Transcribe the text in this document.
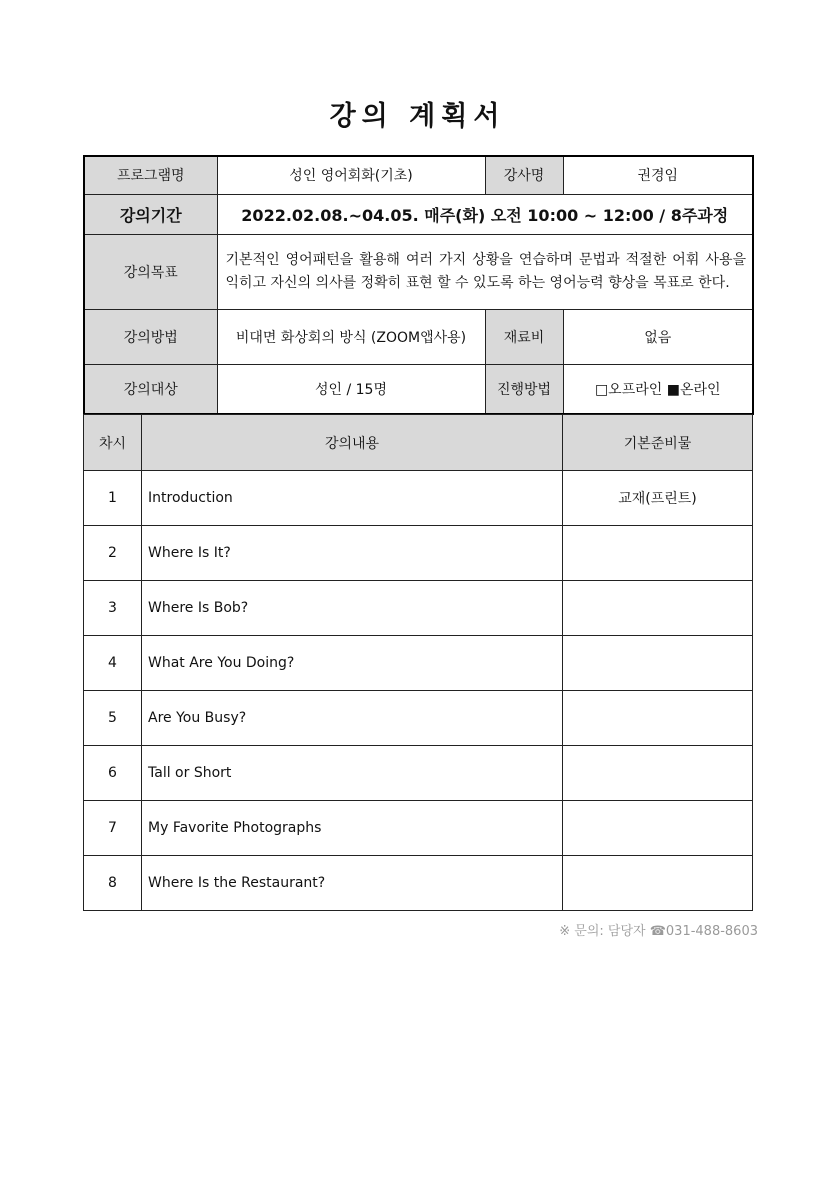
강의 계획서
프로그램명	성인 영어회화(기초)	강사명	권경임
강의기간	2022.02.08.~04.05. 매주(화) 오전 10:00 ~ 12:00 / 8주과정		
강의목표	기본적인 영어패턴을 활용해 여러 가지 상황을 연습하며 문법과 적절한 어휘 사용을 익히고 자신의 의사를 정확히 표현 할 수 있도록 하는 영어능력 향상을 목표로 한다.		
강의방법	비대면 화상회의 방식 (ZOOM앱사용)	재료비	없음
강의대상	성인 / 15명	진행방법	□오프라인 ■온라인
차시	강의내용	기본준비물
1	Introduction	교재(프린트)
2	Where Is It?	
3	Where Is Bob?	
4	What Are You Doing?	
5	Are You Busy?	
6	Tall or Short	
7	My Favorite Photographs	
8	Where Is the Restaurant?	
※ 문의: 담당자 ☎031-488-8603
